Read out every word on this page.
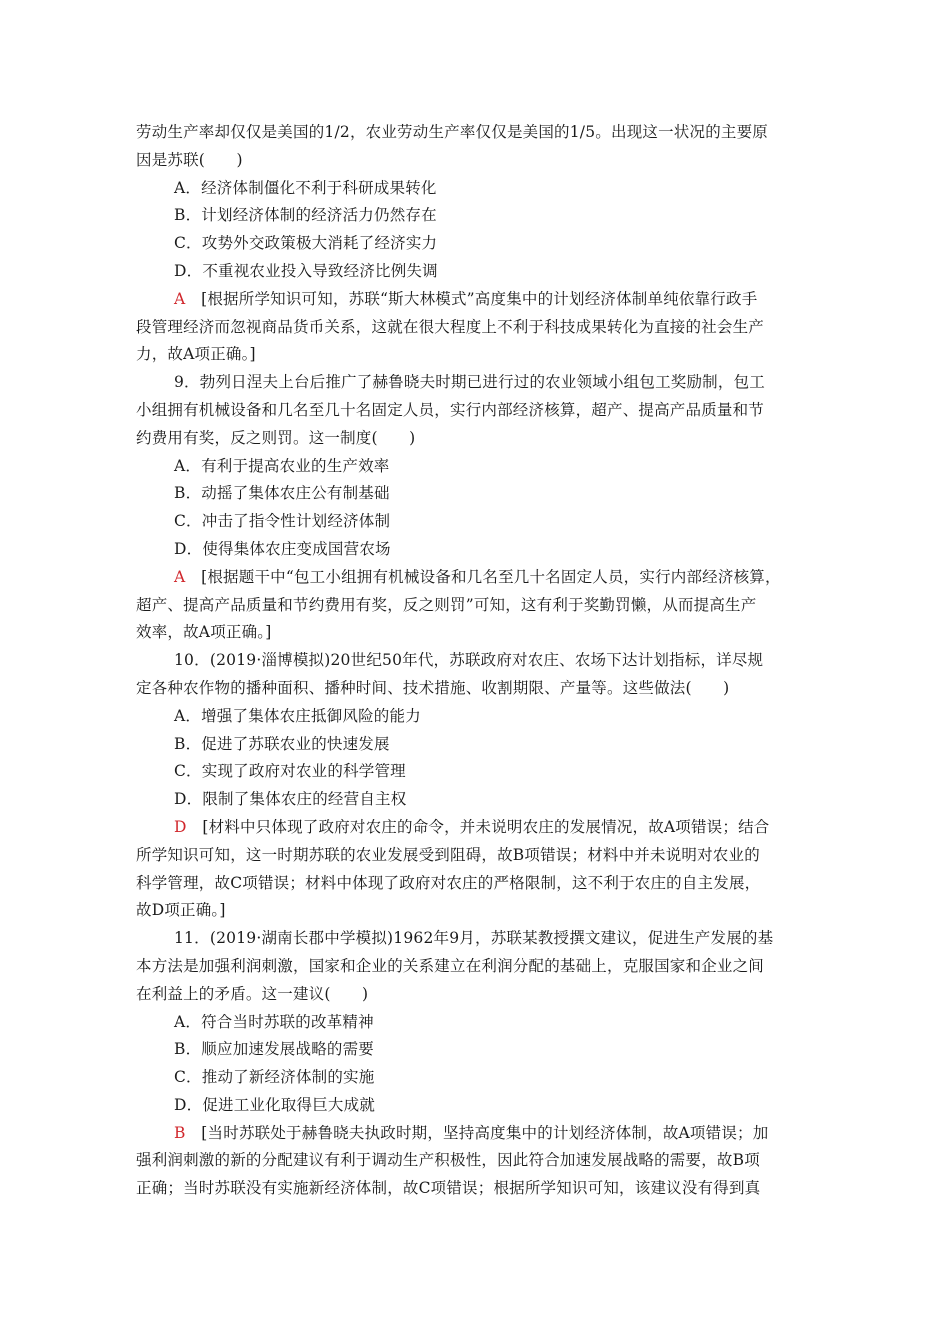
劳动生产率却仅仅是美国的1/2，农业劳动生产率仅仅是美国的1/5。出现这一状况的主要原
因是苏联(　　)
A．经济体制僵化不利于科研成果转化
B．计划经济体制的经济活力仍然存在
C．攻势外交政策极大消耗了经济实力
D．不重视农业投入导致经济比例失调
A　[根据所学知识可知，苏联“斯大林模式”高度集中的计划经济体制单纯依靠行政手
段管理经济而忽视商品货币关系，这就在很大程度上不利于科技成果转化为直接的社会生产
力，故A项正确。]
9．勃列日涅夫上台后推广了赫鲁晓夫时期已进行过的农业领域小组包工奖励制，包工
小组拥有机械设备和几名至几十名固定人员，实行内部经济核算，超产、提高产品质量和节
约费用有奖，反之则罚。这一制度(　　)
A．有利于提高农业的生产效率
B．动摇了集体农庄公有制基础
C．冲击了指令性计划经济体制
D．使得集体农庄变成国营农场
A　[根据题干中“包工小组拥有机械设备和几名至几十名固定人员，实行内部经济核算，
超产、提高产品质量和节约费用有奖，反之则罚”可知，这有利于奖勤罚懒，从而提高生产
效率，故A项正确。]
10．(2019·淄博模拟)20世纪50年代，苏联政府对农庄、农场下达计划指标，详尽规
定各种农作物的播种面积、播种时间、技术措施、收割期限、产量等。这些做法(　　)
A．增强了集体农庄抵御风险的能力
B．促进了苏联农业的快速发展
C．实现了政府对农业的科学管理
D．限制了集体农庄的经营自主权
D　[材料中只体现了政府对农庄的命令，并未说明农庄的发展情况，故A项错误；结合
所学知识可知，这一时期苏联的农业发展受到阻碍，故B项错误；材料中并未说明对农业的
科学管理，故C项错误；材料中体现了政府对农庄的严格限制，这不利于农庄的自主发展，
故D项正确。]
11．(2019·湖南长郡中学模拟)1962年9月，苏联某教授撰文建议，促进生产发展的基
本方法是加强利润刺激，国家和企业的关系建立在利润分配的基础上，克服国家和企业之间
在利益上的矛盾。这一建议(　　)
A．符合当时苏联的改革精神
B．顺应加速发展战略的需要
C．推动了新经济体制的实施
D．促进工业化取得巨大成就
B　[当时苏联处于赫鲁晓夫执政时期，坚持高度集中的计划经济体制，故A项错误；加
强利润刺激的新的分配建议有利于调动生产积极性，因此符合加速发展战略的需要，故B项
正确；当时苏联没有实施新经济体制，故C项错误；根据所学知识可知，该建议没有得到真
